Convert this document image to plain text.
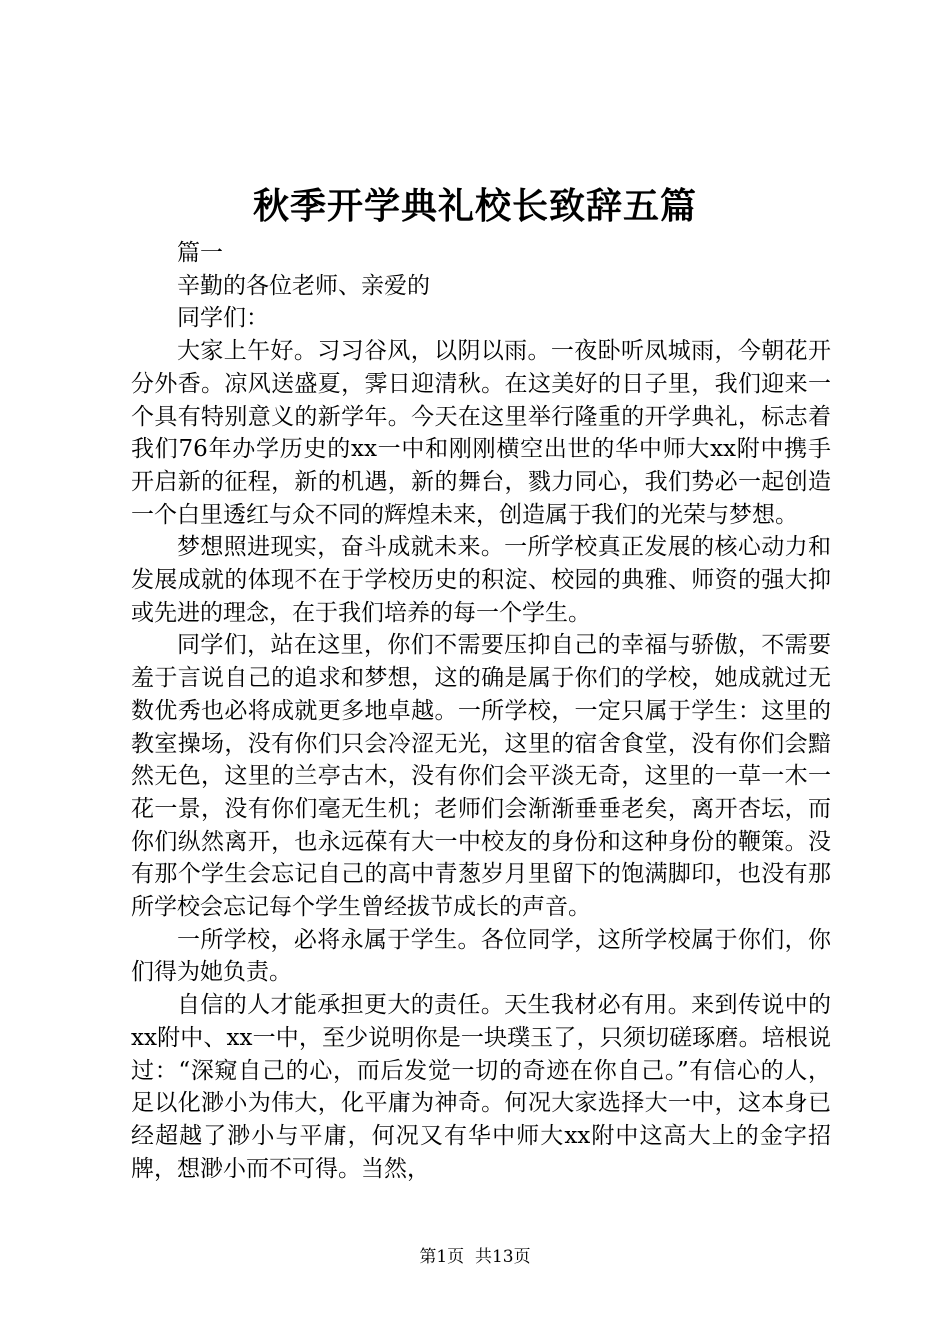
秋季开学典礼校长致辞五篇

篇一

辛勤的各位老师、亲爱的

同学们：

大家上午好。习习谷风，以阴以雨。一夜卧听凤城雨，今朝花开分外香。凉风送盛夏，霁日迎清秋。在这美好的日子里，我们迎来一个具有特别意义的新学年。今天在这里举行隆重的开学典礼，标志着我们76年办学历史的xx一中和刚刚横空出世的华中师大xx附中携手开启新的征程，新的机遇，新的舞台，戮力同心，我们势必一起创造一个白里透红与众不同的辉煌未来，创造属于我们的光荣与梦想。

梦想照进现实，奋斗成就未来。一所学校真正发展的核心动力和发展成就的体现不在于学校历史的积淀、校园的典雅、师资的强大抑或先进的理念，在于我们培养的每一个学生。

同学们，站在这里，你们不需要压抑自己的幸福与骄傲，不需要羞于言说自己的追求和梦想，这的确是属于你们的学校，她成就过无数优秀也必将成就更多地卓越。一所学校，一定只属于学生：这里的教室操场，没有你们只会冷涩无光，这里的宿舍食堂，没有你们会黯然无色，这里的兰亭古木，没有你们会平淡无奇，这里的一草一木一花一景，没有你们毫无生机；老师们会渐渐垂垂老矣，离开杏坛，而你们纵然离开，也永远葆有大一中校友的身份和这种身份的鞭策。没有那个学生会忘记自己的高中青葱岁月里留下的饱满脚印，也没有那所学校会忘记每个学生曾经拔节成长的声音。

一所学校，必将永属于学生。各位同学，这所学校属于你们，你们得为她负责。

自信的人才能承担更大的责任。天生我材必有用。来到传说中的xx附中、xx一中，至少说明你是一块璞玉了，只须切磋琢磨。培根说过：“深窥自己的心，而后发觉一切的奇迹在你自己。”有信心的人，足以化渺小为伟大，化平庸为神奇。何况大家选择大一中，这本身已经超越了渺小与平庸，何况又有华中师大xx附中这高大上的金字招牌，想渺小而不可得。当然，

第1页  共13页
